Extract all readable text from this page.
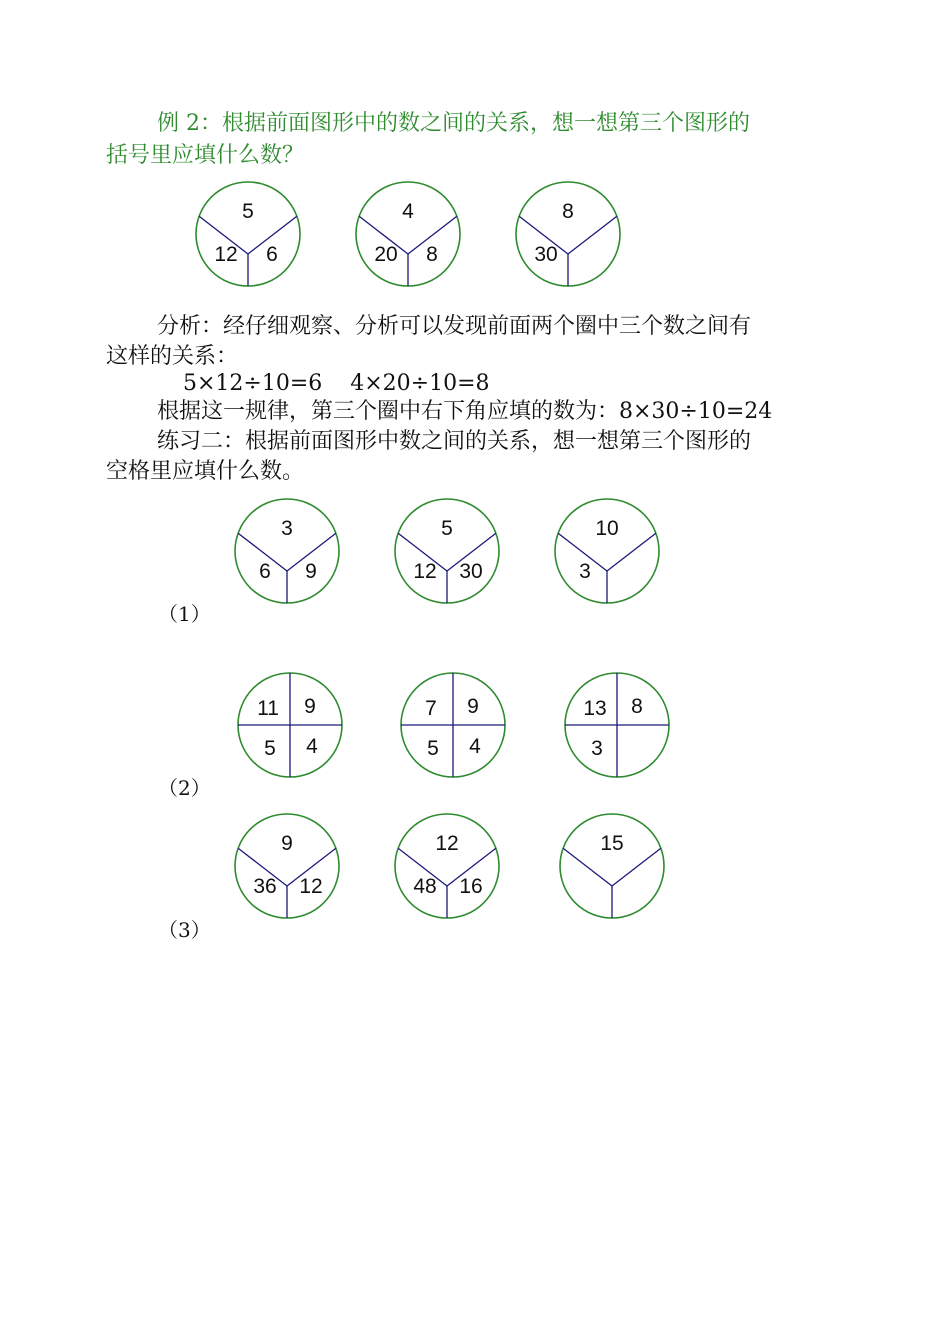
例 2：根据前面图形中的数之间的关系，想一想第三个图形的
括号里应填什么数？
分析：经仔细观察、分析可以发现前面两个圈中三个数之间有
这样的关系：
5×12÷10=6    4×20÷10=8
根据这一规律，第三个圈中右下角应填的数为：8×30÷10=24
练习二：根据前面图形中数之间的关系，想一想第三个图形的
空格里应填什么数。
（1）
（2）
（3）
5
12 6
4
20 8
8
30
3
6 9
5
12 30
10
3
11 9
5 4
7 9
5 4
13 8
3
9
36 12
12
48 16
15
